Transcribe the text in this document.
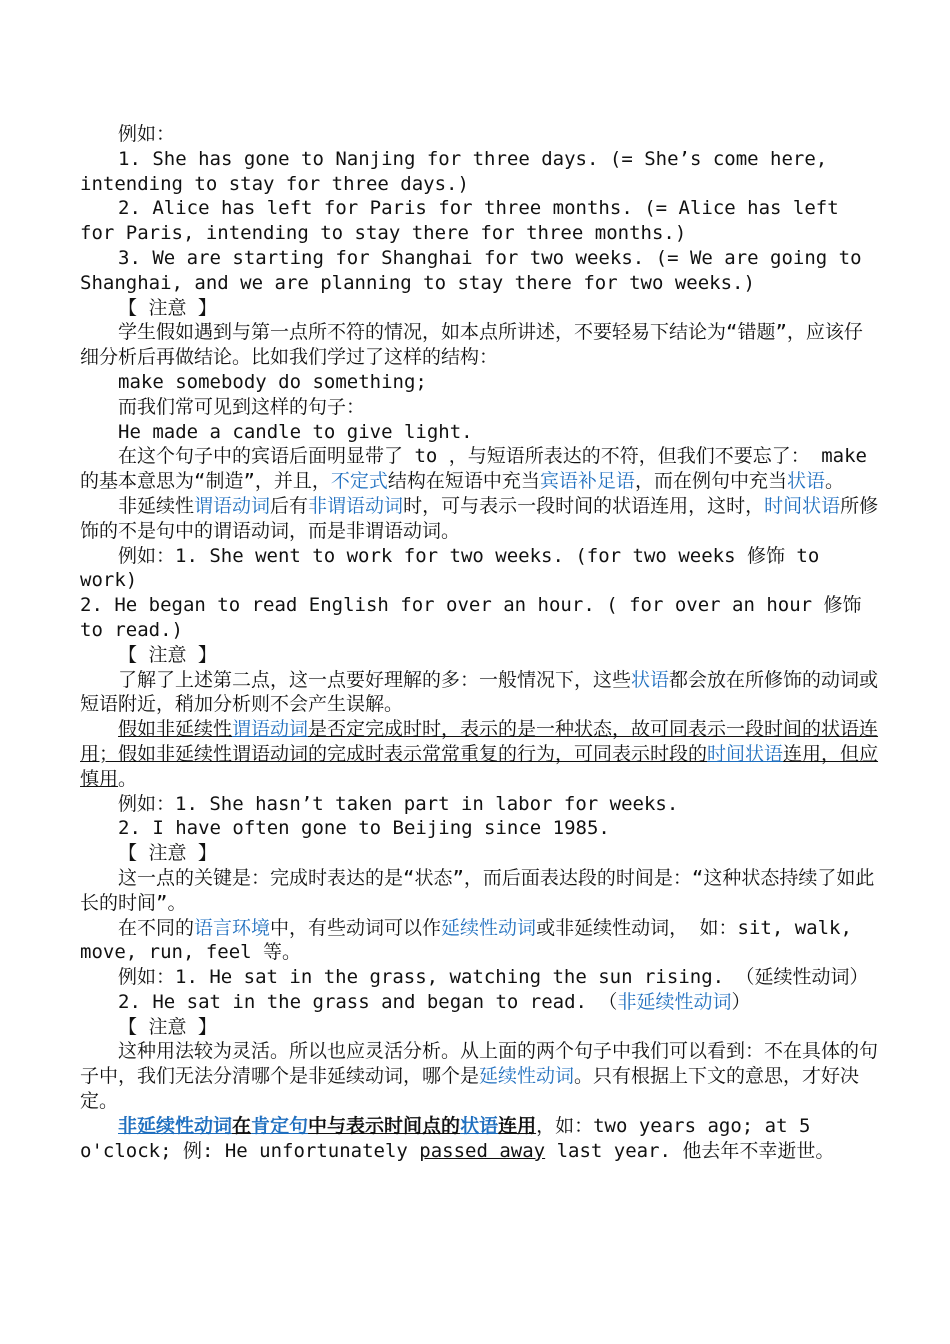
例如：

1. She has gone to Nanjing for three days. (= She’s come here, intending to stay for three days.)

2. Alice has left for Paris for three months. (= Alice has left for Paris, intending to stay there for three months.)

3. We are starting for Shanghai for two weeks. (= We are going to Shanghai, and we are planning to stay there for two weeks.)

【 注意 】

学生假如遇到与第一点所不符的情况，如本点所讲述，不要轻易下结论为“错题”，应该仔细分析后再做结论。比如我们学过了这样的结构：

make somebody do something;

而我们常可见到这样的句子：

He made a candle to give light.

在这个句子中的宾语后面明显带了 to ，与短语所表达的不符，但我们不要忘了： make 的基本意思为“制造”，并且，不定式结构在短语中充当宾语补足语，而在例句中充当状语。

非延续性谓语动词后有非谓语动词时，可与表示一段时间的状语连用，这时，时间状语所修饰的不是句中的谓语动词，而是非谓语动词。

例如：1. She went to work for two weeks. (for two weeks 修饰 to work)

2. He began to read English for over an hour. ( for over an hour 修饰 to read.)

【 注意 】

了解了上述第二点，这一点要好理解的多：一般情况下，这些状语都会放在所修饰的动词或短语附近，稍加分析则不会产生误解。

假如非延续性谓语动词是否定完成时时，表示的是一种状态，故可同表示一段时间的状语连用；假如非延续性谓语动词的完成时表示常常重复的行为，可同表示时段的时间状语连用，但应慎用。

例如：1. She hasn’t taken part in labor for weeks.

2. I have often gone to Beijing since 1985.

【 注意 】

这一点的关键是：完成时表达的是“状态”，而后面表达段的时间是：“这种状态持续了如此长的时间”。

在不同的语言环境中，有些动词可以作延续性动词或非延续性动词， 如：sit, walk, move, run, feel 等。

例如：1. He sat in the grass, watching the sun rising. （延续性动词）

2. He sat in the grass and began to read. （非延续性动词）

【 注意 】

这种用法较为灵活。所以也应灵活分析。从上面的两个句子中我们可以看到：不在具体的句子中，我们无法分清哪个是非延续动词，哪个是延续性动词。只有根据上下文的意思，才好决定。

非延续性动词在肯定句中与表示时间点的状语连用，如：two years ago; at 5 o'clock; 例: He unfortunately passed away last year. 他去年不幸逝世。
